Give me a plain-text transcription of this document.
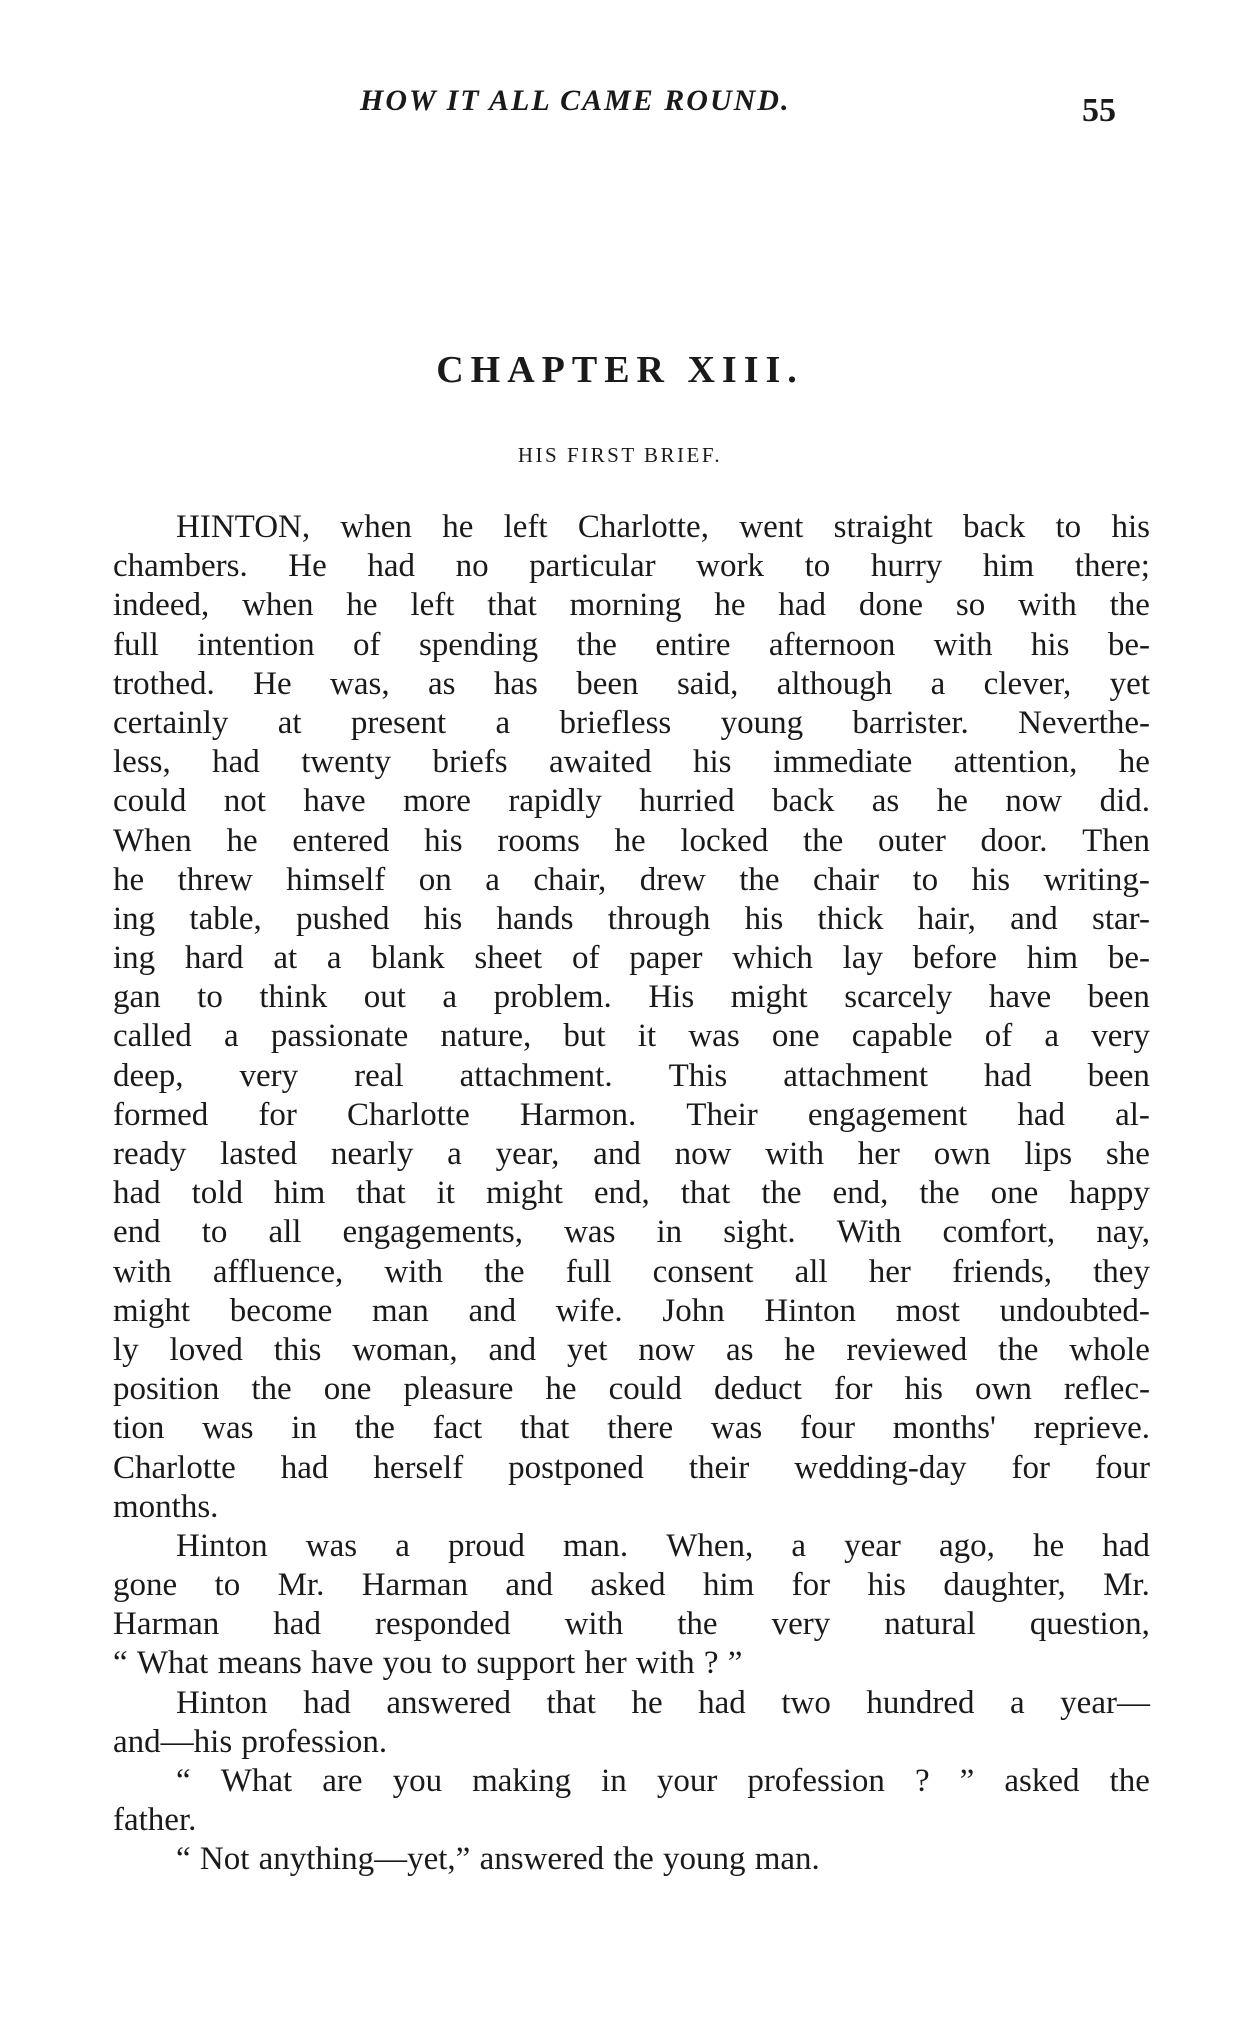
HOW IT ALL CAME ROUND.	55
CHAPTER XIII.
HIS FIRST BRIEF.
HINTON, when he left Charlotte, went straight back to his
chambers. He had no particular work to hurry him there;
indeed, when he left that morning he had done so with the
full intention of spending the entire afternoon with his be-
trothed. He was, as has been said, although a clever, yet
certainly at present a briefless young barrister. Neverthe-
less, had twenty briefs awaited his immediate attention, he
could not have more rapidly hurried back as he now did.
When he entered his rooms he locked the outer door. Then
he threw himself on a chair, drew the chair to his writing-
ing table, pushed his hands through his thick hair, and star-
ing hard at a blank sheet of paper which lay before him be-
gan to think out a problem. His might scarcely have been
called a passionate nature, but it was one capable of a very
deep, very real attachment. This attachment had been
formed for Charlotte Harmon. Their engagement had al-
ready lasted nearly a year, and now with her own lips she
had told him that it might end, that the end, the one happy
end to all engagements, was in sight. With comfort, nay,
with affluence, with the full consent all her friends, they
might become man and wife. John Hinton most undoubted-
ly loved this woman, and yet now as he reviewed the whole
position the one pleasure he could deduct for his own reflec-
tion was in the fact that there was four months' reprieve.
Charlotte had herself postponed their wedding-day for four
months.
Hinton was a proud man. When, a year ago, he had
gone to Mr. Harman and asked him for his daughter, Mr.
Harman had responded with the very natural question,
“ What means have you to support her with ? ”
Hinton had answered that he had two hundred a year—
and—his profession.
“ What are you making in your profession ? ” asked the
father.
“ Not anything—yet,” answered the young man.
